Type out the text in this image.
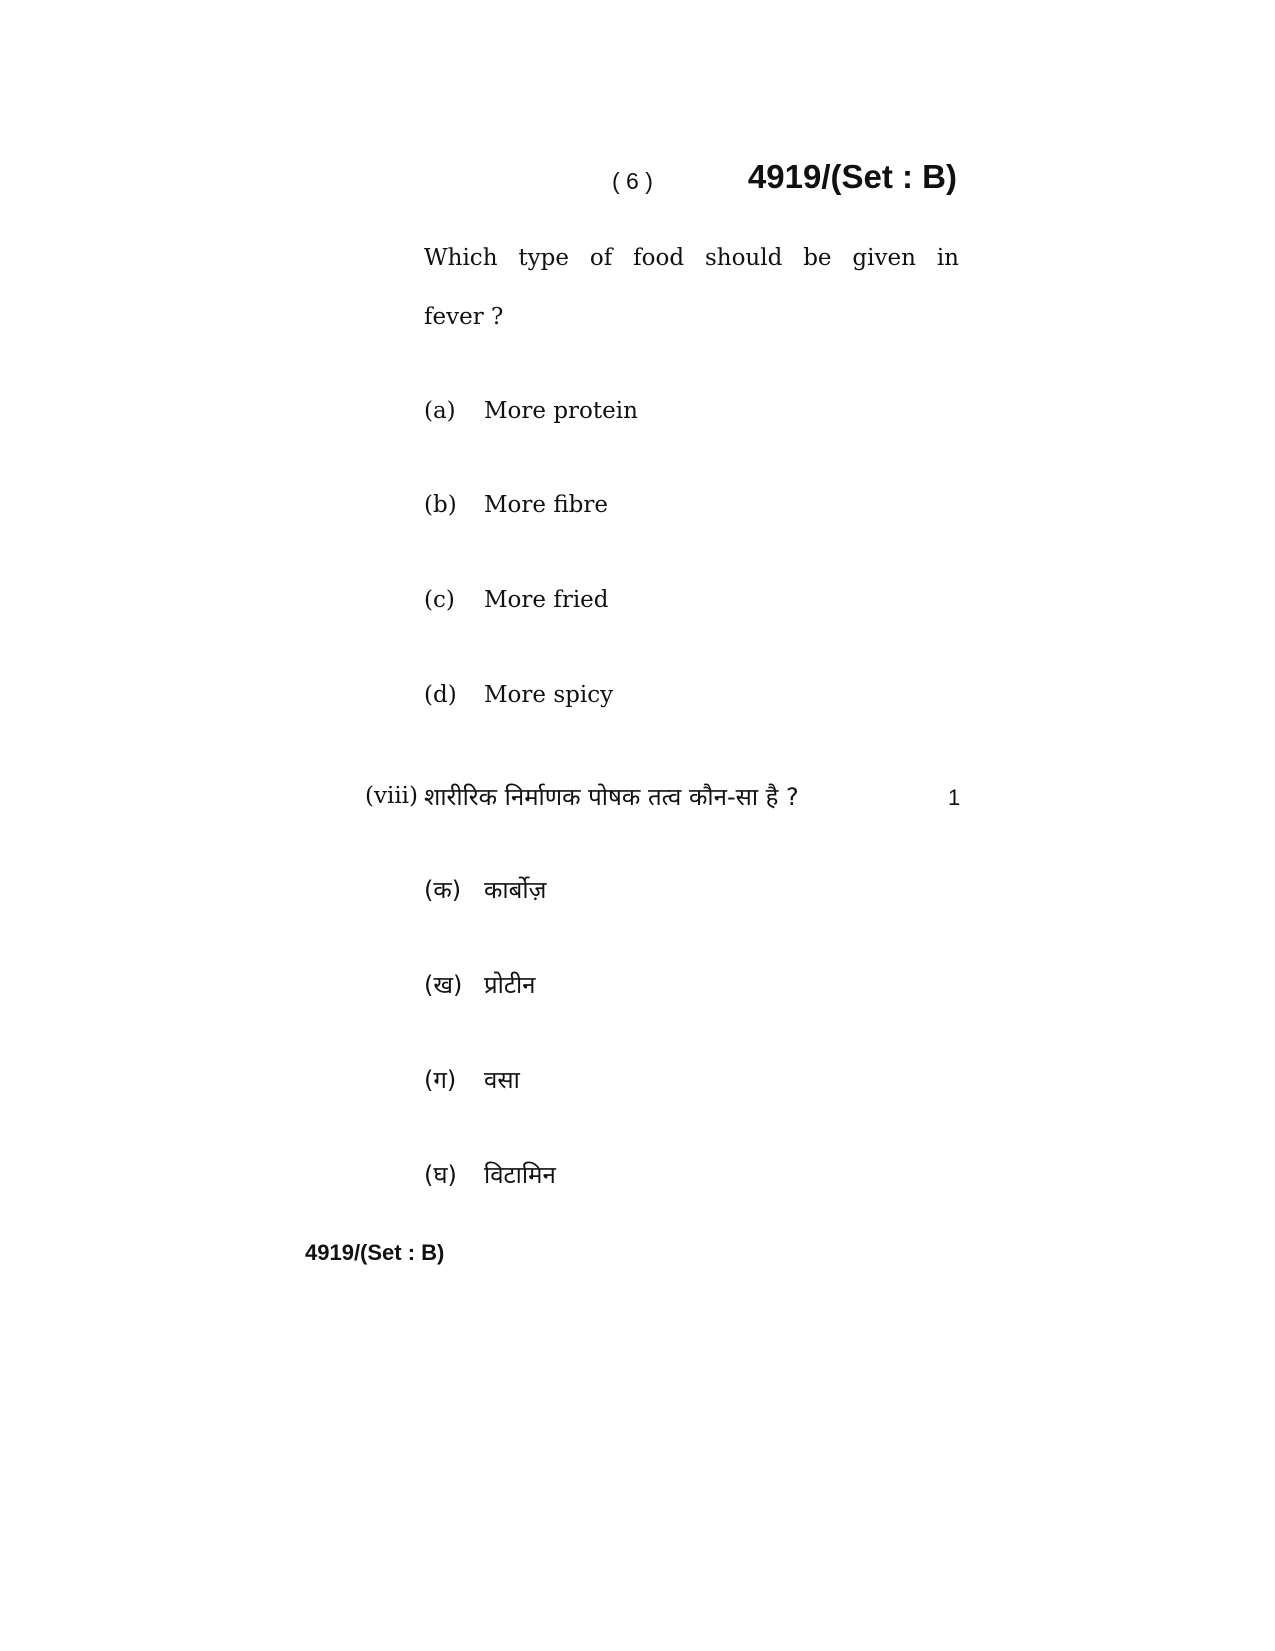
( 6 )	4919/(Set : B)
Which type of food should be given in
fever ?
(a) More protein
(b) More fibre
(c) More fried
(d) More spicy
(viii) शारीरिक निर्माणक पोषक तत्व कौन-सा है ?	1
(क) कार्बोज़
(ख) प्रोटीन
(ग) वसा
(घ) विटामिन
4919/(Set : B)
